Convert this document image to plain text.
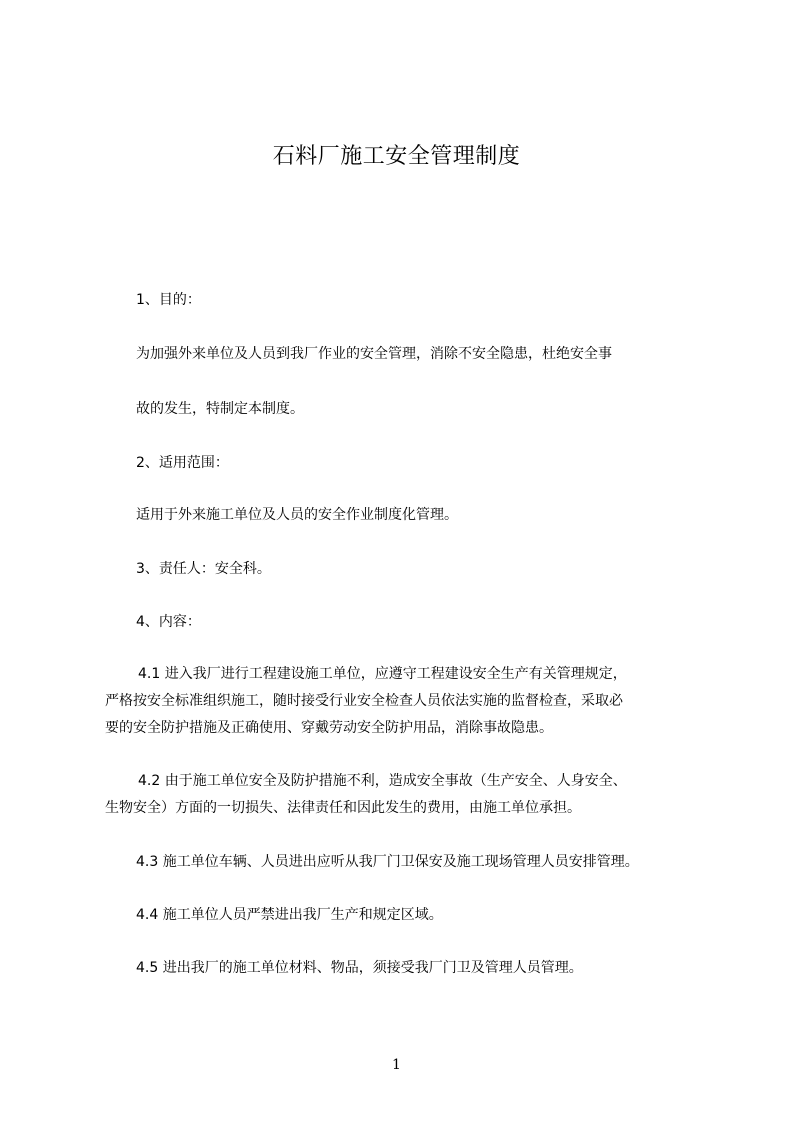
石料厂施工安全管理制度
1、目的：
为加强外来单位及人员到我厂作业的安全管理，消除不安全隐患，杜绝安全事
故的发生，特制定本制度。
2、适用范围：
适用于外来施工单位及人员的安全作业制度化管理。
3、责任人：安全科。
4、内容：
4.1 进入我厂进行工程建设施工单位，应遵守工程建设安全生产有关管理规定，
严格按安全标准组织施工，随时接受行业安全检查人员依法实施的监督检查，采取必
要的安全防护措施及正确使用、穿戴劳动安全防护用品，消除事故隐患。
4.2 由于施工单位安全及防护措施不利，造成安全事故（生产安全、人身安全、
生物安全）方面的一切损失、法律责任和因此发生的费用，由施工单位承担。
4.3 施工单位车辆、人员进出应听从我厂门卫保安及施工现场管理人员安排管理。
4.4 施工单位人员严禁进出我厂生产和规定区域。
4.5 进出我厂的施工单位材料、物品，须接受我厂门卫及管理人员管理。
1
